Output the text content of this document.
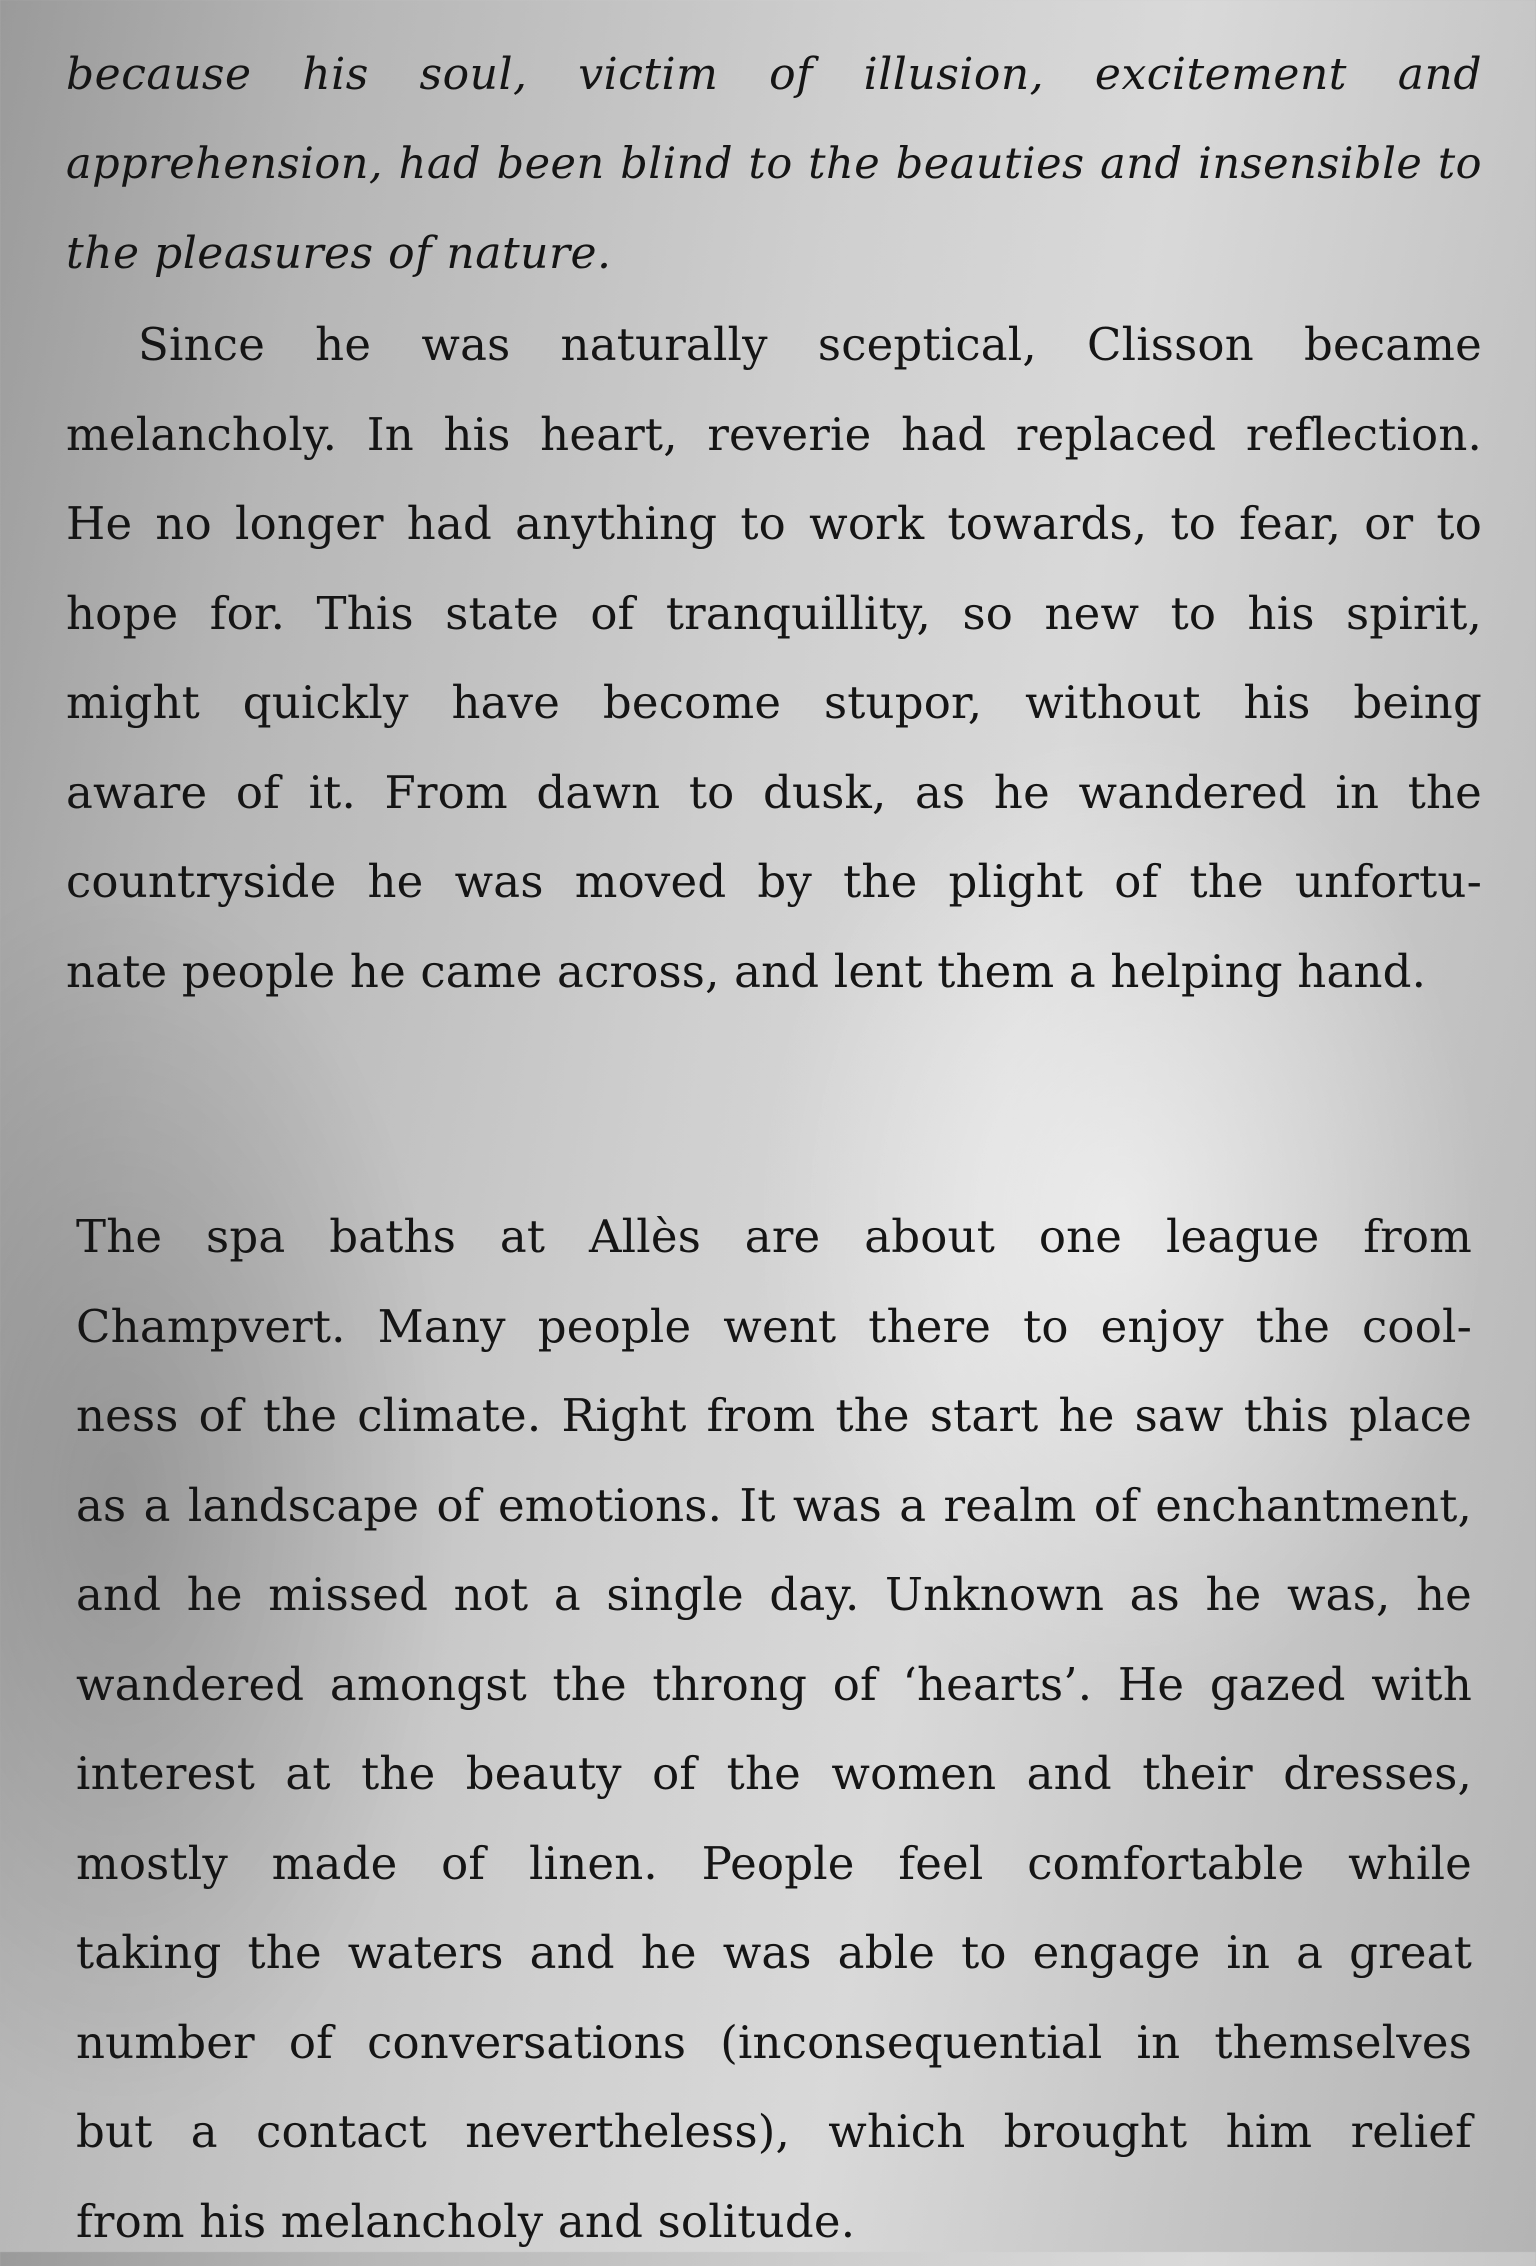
because his soul, victim of illusion, excitement and
apprehension, had been blind to the beauties and insensible to
the pleasures of nature.

Since he was naturally sceptical, Clisson became
melancholy. In his heart, reverie had replaced reflection.
He no longer had anything to work towards, to fear, or to
hope for. This state of tranquillity, so new to his spirit,
might quickly have become stupor, without his being
aware of it. From dawn to dusk, as he wandered in the
countryside he was moved by the plight of the unfortu-
nate people he came across, and lent them a helping hand.

The spa baths at Allès are about one league from
Champvert. Many people went there to enjoy the cool-
ness of the climate. Right from the start he saw this place
as a landscape of emotions. It was a realm of enchantment,
and he missed not a single day. Unknown as he was, he
wandered amongst the throng of ‘hearts’. He gazed with
interest at the beauty of the women and their dresses,
mostly made of linen. People feel comfortable while
taking the waters and he was able to engage in a great
number of conversations (inconsequential in themselves
but a contact nevertheless), which brought him relief
from his melancholy and solitude.
